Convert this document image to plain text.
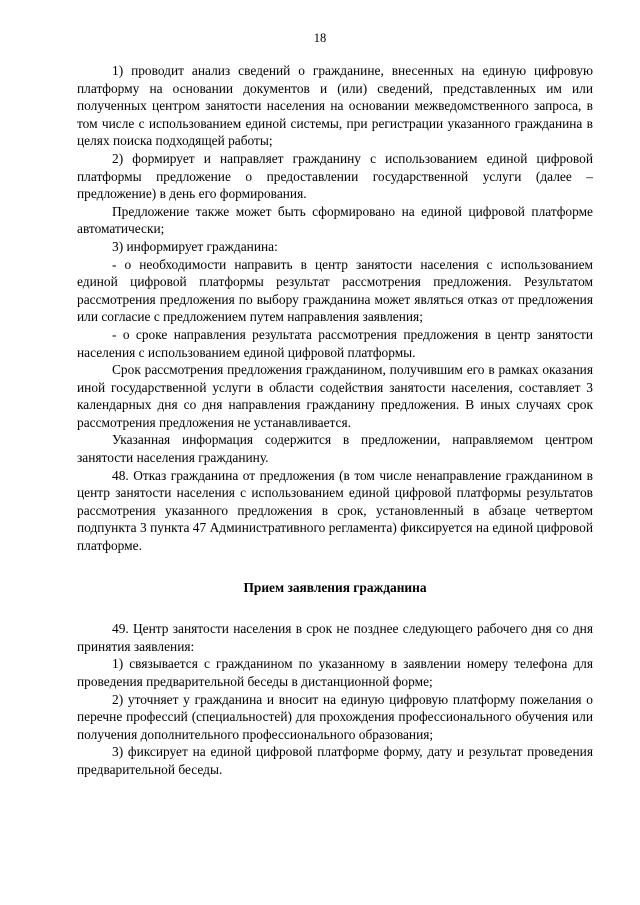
18

1) проводит анализ сведений о гражданине, внесенных на единую цифровую платформу на основании документов и (или) сведений, представленных им или полученных центром занятости населения на основании межведомственного запроса, в том числе с использованием единой системы, при регистрации указанного гражданина в целях поиска подходящей работы;

2) формирует и направляет гражданину с использованием единой цифровой платформы предложение о предоставлении государственной услуги (далее – предложение) в день его формирования.

Предложение также может быть сформировано на единой цифровой платформе автоматически;

3) информирует гражданина:

- о необходимости направить в центр занятости населения с использованием единой цифровой платформы результат рассмотрения предложения. Результатом рассмотрения предложения по выбору гражданина может являться отказ от предложения или согласие с предложением путем направления заявления;

- о сроке направления результата рассмотрения предложения в центр занятости населения с использованием единой цифровой платформы.

Срок рассмотрения предложения гражданином, получившим его в рамках оказания иной государственной услуги в области содействия занятости населения, составляет 3 календарных дня со дня направления гражданину предложения. В иных случаях срок рассмотрения предложения не устанавливается.

Указанная информация содержится в предложении, направляемом центром занятости населения гражданину.

48. Отказ гражданина от предложения (в том числе ненаправление гражданином в центр занятости населения с использованием единой цифровой платформы результатов рассмотрения указанного предложения в срок, установленный в абзаце четвертом подпункта 3 пункта 47 Административного регламента) фиксируется на единой цифровой платформе.

Прием заявления гражданина

49. Центр занятости населения в срок не позднее следующего рабочего дня со дня принятия заявления:

1) связывается с гражданином по указанному в заявлении номеру телефона для проведения предварительной беседы в дистанционной форме;

2) уточняет у гражданина и вносит на единую цифровую платформу пожелания о перечне профессий (специальностей) для прохождения профессионального обучения или получения дополнительного профессионального образования;

3) фиксирует на единой цифровой платформе форму, дату и результат проведения предварительной беседы.
